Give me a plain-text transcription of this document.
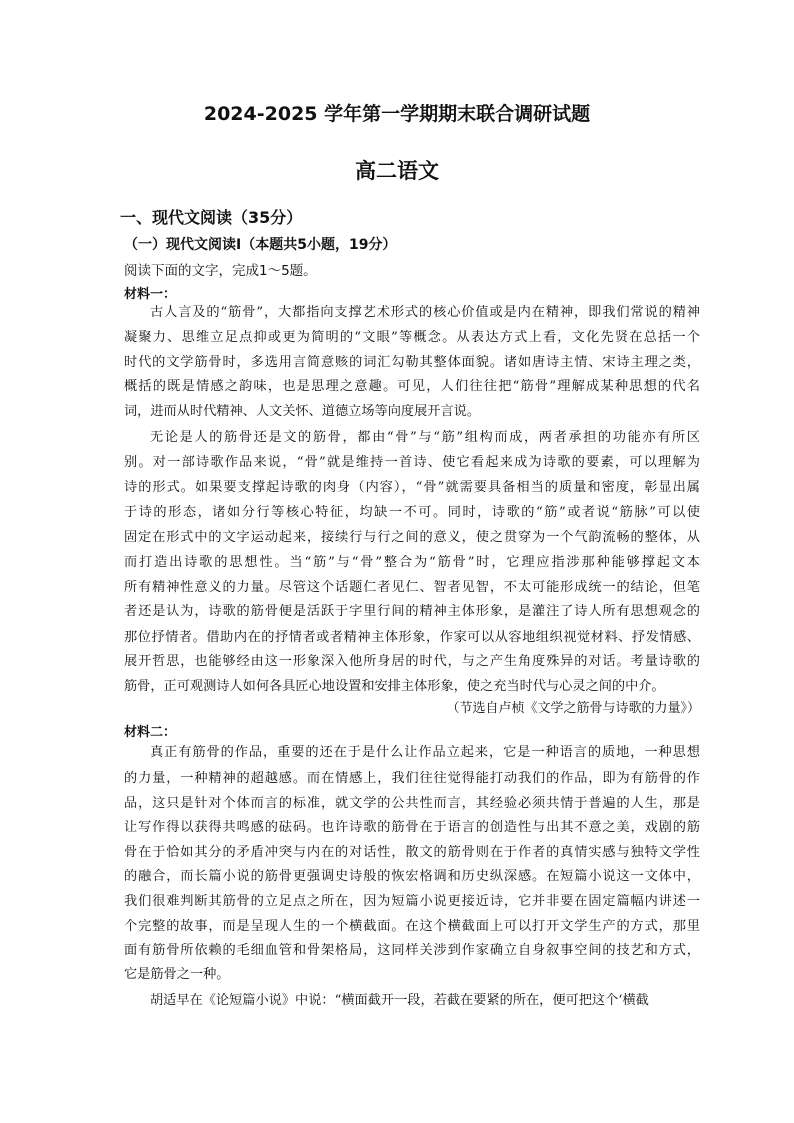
2024-2025 学年第一学期期末联合调研试题
高二语文
一、现代文阅读（35分）
（一）现代文阅读Ⅰ（本题共5小题，19分）
阅读下面的文字，完成1～5题。
材料一：
古人言及的“筋骨”，大都指向支撑艺术形式的核心价值或是内在精神，即我们常说的精神
凝聚力、思维立足点抑或更为简明的“文眼”等概念。从表达方式上看，文化先贤在总括一个
时代的文学筋骨时，多选用言简意赅的词汇勾勒其整体面貌。诸如唐诗主情、宋诗主理之类，
概括的既是情感之韵味，也是思理之意趣。可见，人们往往把“筋骨”理解成某种思想的代名
词，进而从时代精神、人文关怀、道德立场等向度展开言说。
无论是人的筋骨还是文的筋骨，都由“骨”与“筋”组构而成，两者承担的功能亦有所区
别。对一部诗歌作品来说，“骨”就是维持一首诗、使它看起来成为诗歌的要素，可以理解为
诗的形式。如果要支撑起诗歌的肉身（内容），“骨”就需要具备相当的质量和密度，彰显出属
于诗的形态，诸如分行等核心特征，均缺一不可。同时，诗歌的“筋”或者说“筋脉”可以使
固定在形式中的文字运动起来，接续行与行之间的意义，使之贯穿为一个气韵流畅的整体，从
而打造出诗歌的思想性。当“筋”与“骨”整合为“筋骨”时，它理应指涉那种能够撑起文本
所有精神性意义的力量。尽管这个话题仁者见仁、智者见智，不太可能形成统一的结论，但笔
者还是认为，诗歌的筋骨便是活跃于字里行间的精神主体形象，是灌注了诗人所有思想观念的
那位抒情者。借助内在的抒情者或者精神主体形象，作家可以从容地组织视觉材料、抒发情感、
展开哲思，也能够经由这一形象深入他所身居的时代，与之产生角度殊异的对话。考量诗歌的
筋骨，正可观测诗人如何各具匠心地设置和安排主体形象，使之充当时代与心灵之间的中介。
（节选自卢桢《文学之筋骨与诗歌的力量》）
材料二：
真正有筋骨的作品，重要的还在于是什么让作品立起来，它是一种语言的质地，一种思想
的力量，一种精神的超越感。而在情感上，我们往往觉得能打动我们的作品，即为有筋骨的作
品，这只是针对个体而言的标准，就文学的公共性而言，其经验必须共情于普遍的人生，那是
让写作得以获得共鸣感的砝码。也许诗歌的筋骨在于语言的创造性与出其不意之美，戏剧的筋
骨在于恰如其分的矛盾冲突与内在的对话性，散文的筋骨则在于作者的真情实感与独特文学性
的融合，而长篇小说的筋骨更强调史诗般的恢宏格调和历史纵深感。在短篇小说这一文体中，
我们很难判断其筋骨的立足点之所在，因为短篇小说更接近诗，它并非要在固定篇幅内讲述一
个完整的故事，而是呈现人生的一个横截面。在这个横截面上可以打开文学生产的方式，那里
面有筋骨所依赖的毛细血管和骨架格局，这同样关涉到作家确立自身叙事空间的技艺和方式，
它是筋骨之一种。
胡适早在《论短篇小说》中说：“横面截开一段，若截在要紧的所在，便可把这个‘横截
